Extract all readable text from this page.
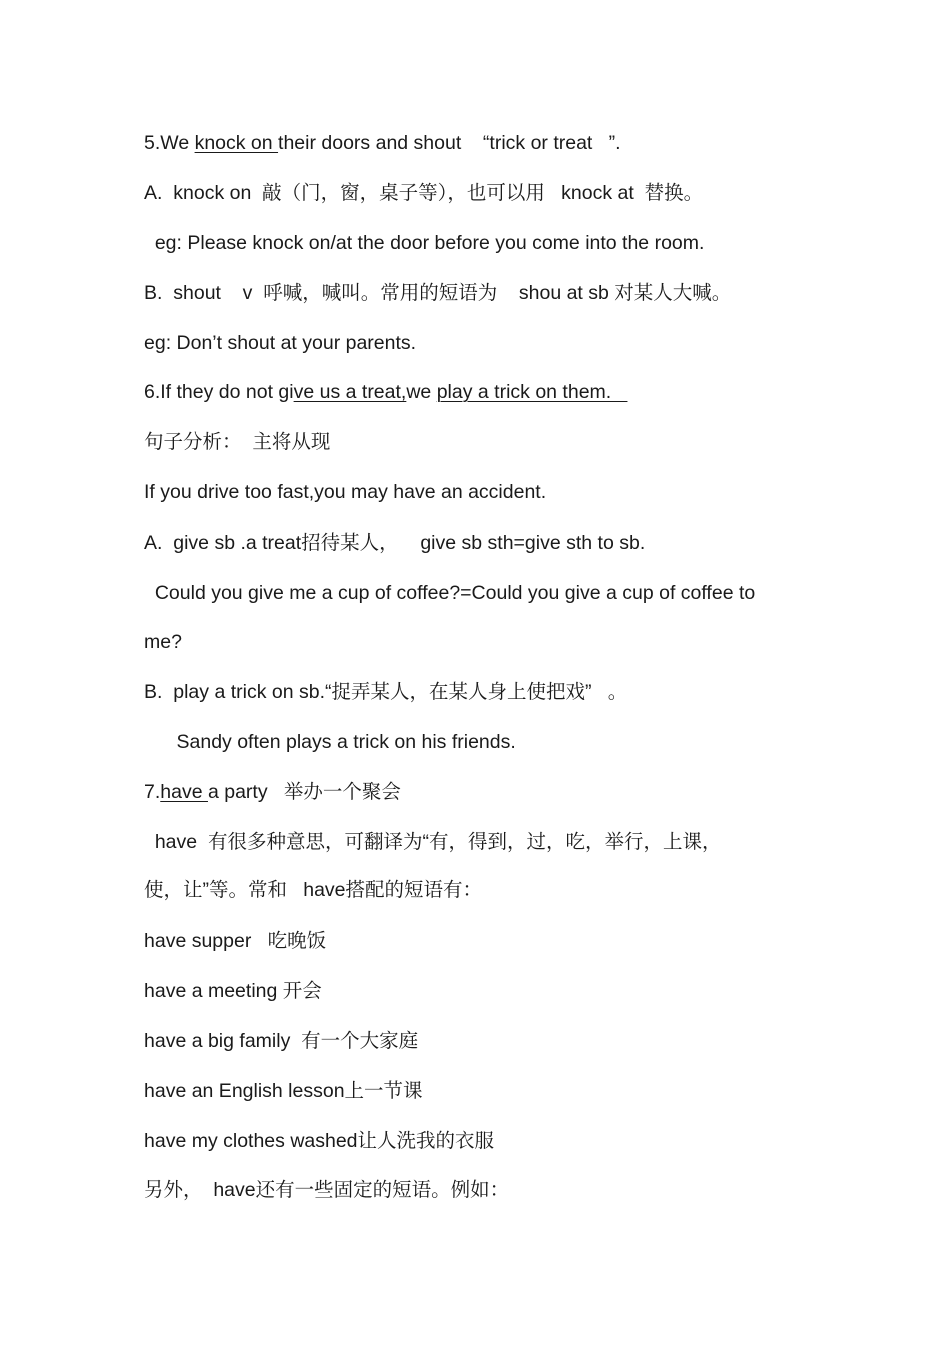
5.We knock on their doors and shout    “trick or treat   ”.
A.  knock on  敲（门，窗，桌子等），也可以用   knock at  替换。
eg: Please knock on/at the door before you come into the room.
B.  shout    v  呼喊，喊叫。常用的短语为    shou at sb 对某人大喊。
eg: Don’t shout at your parents.
6.If they do not give us a treat,we play a trick on them.
句子分析：  主将从现
If you drive too fast,you may have an accident.
A.  give sb .a treat招待某人，    give sb sth=give sth to sb.
Could you give me a cup of coffee?=Could you give a cup of coffee to
me?
B.  play a trick on sb.“捉弄某人，在某人身上使把戏”   。
Sandy often plays a trick on his friends.
7.have a party   举办一个聚会
have  有很多种意思，可翻译为“有，得到，过，吃，举行，上课，
使，让”等。常和   have搭配的短语有：
have supper   吃晚饭
have a meeting 开会
have a big family  有一个大家庭
have an English lesson上一节课
have my clothes washed让人洗我的衣服
另外，  have还有一些固定的短语。例如：
